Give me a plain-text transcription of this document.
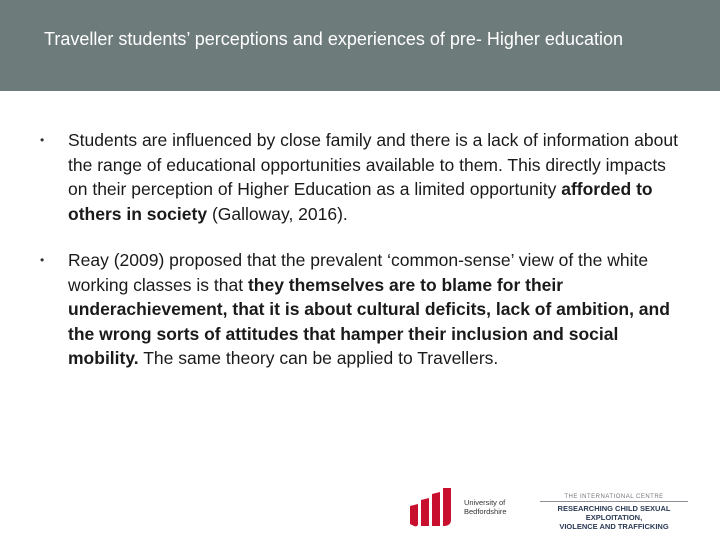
Traveller students’ perceptions and experiences of pre- Higher education
• Students are influenced by close family and there is a lack of information about the range of educational opportunities available to them. This directly impacts on their perception of Higher Education as a limited opportunity afforded to others in society (Galloway, 2016).
• Reay (2009) proposed that the prevalent ‘common-sense’ view of the white working classes is that they themselves are to blame for their underachievement, that it is about cultural deficits, lack of ambition, and the wrong sorts of attitudes that hamper their inclusion and social mobility. The same theory can be applied to Travellers.
University of
Bedfordshire
THE INTERNATIONAL CENTRE
RESEARCHING CHILD SEXUAL EXPLOITATION,
VIOLENCE AND TRAFFICKING
